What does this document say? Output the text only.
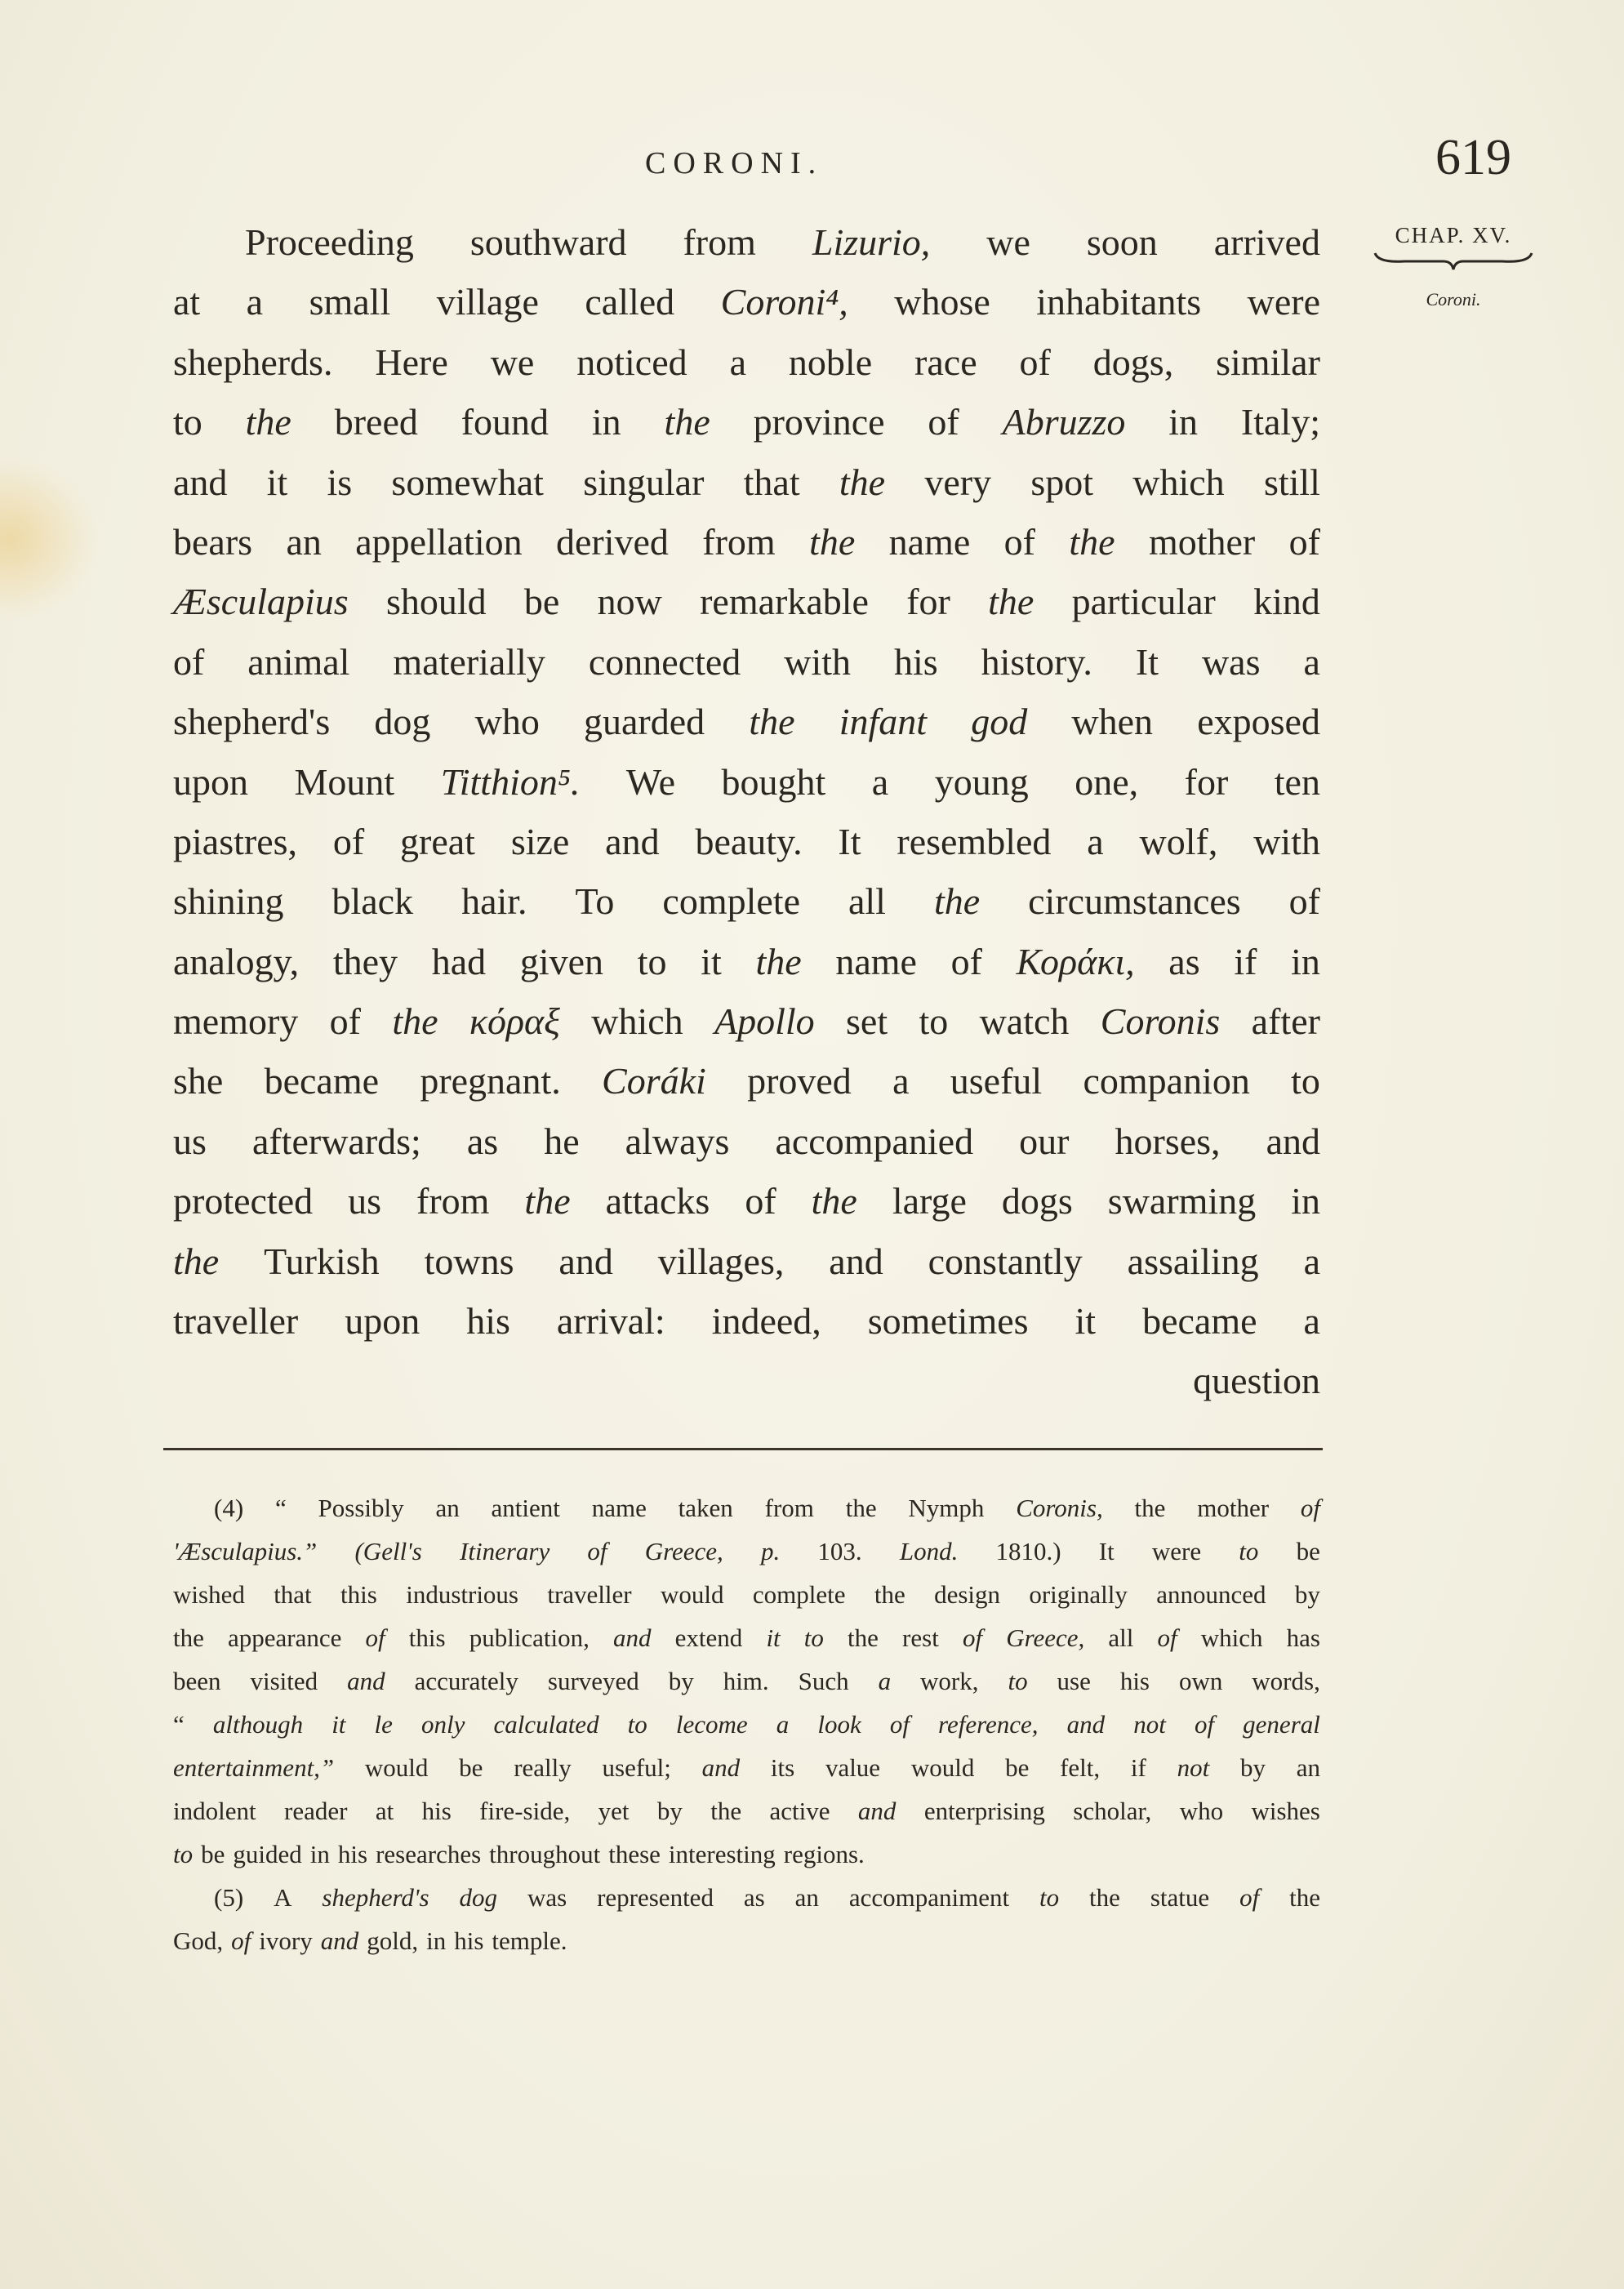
CORONI.	619
CHAP. XV.
Coroni.
Proceeding southward from Lizurio, we soon arrived
at a small village called Coroni⁴, whose inhabitants were
shepherds. Here we noticed a noble race of dogs, similar
to the breed found in the province of Abruzzo in Italy;
and it is somewhat singular that the very spot which still
bears an appellation derived from the name of the mother of
Æsculapius should be now remarkable for the particular kind
of animal materially connected with his history. It was a
shepherd's dog who guarded the infant god when exposed
upon Mount Titthion⁵. We bought a young one, for ten
piastres, of great size and beauty. It resembled a wolf, with
shining black hair. To complete all the circumstances of
analogy, they had given to it the name of Κοράκι, as if in
memory of the κόραξ which Apollo set to watch Coronis after
she became pregnant. Coráki proved a useful companion to
us afterwards; as he always accompanied our horses, and
protected us from the attacks of the large dogs swarming in
the Turkish towns and villages, and constantly assailing a
traveller upon his arrival: indeed, sometimes it became a
question
(4) “ Possibly an antient name taken from the Nymph Coronis, the mother of
'Æsculapius.” (Gell's Itinerary of Greece, p. 103. Lond. 1810.) It were to be
wished that this industrious traveller would complete the design originally announced by
the appearance of this publication, and extend it to the rest of Greece, all of which has
been visited and accurately surveyed by him. Such a work, to use his own words,
“ although it le only calculated to lecome a look of reference, and not of general
entertainment,” would be really useful; and its value would be felt, if not by an
indolent reader at his fire-side, yet by the active and enterprising scholar, who wishes
to be guided in his researches throughout these interesting regions.
(5) A shepherd's dog was represented as an accompaniment to the statue of the
God, of ivory and gold, in his temple.
